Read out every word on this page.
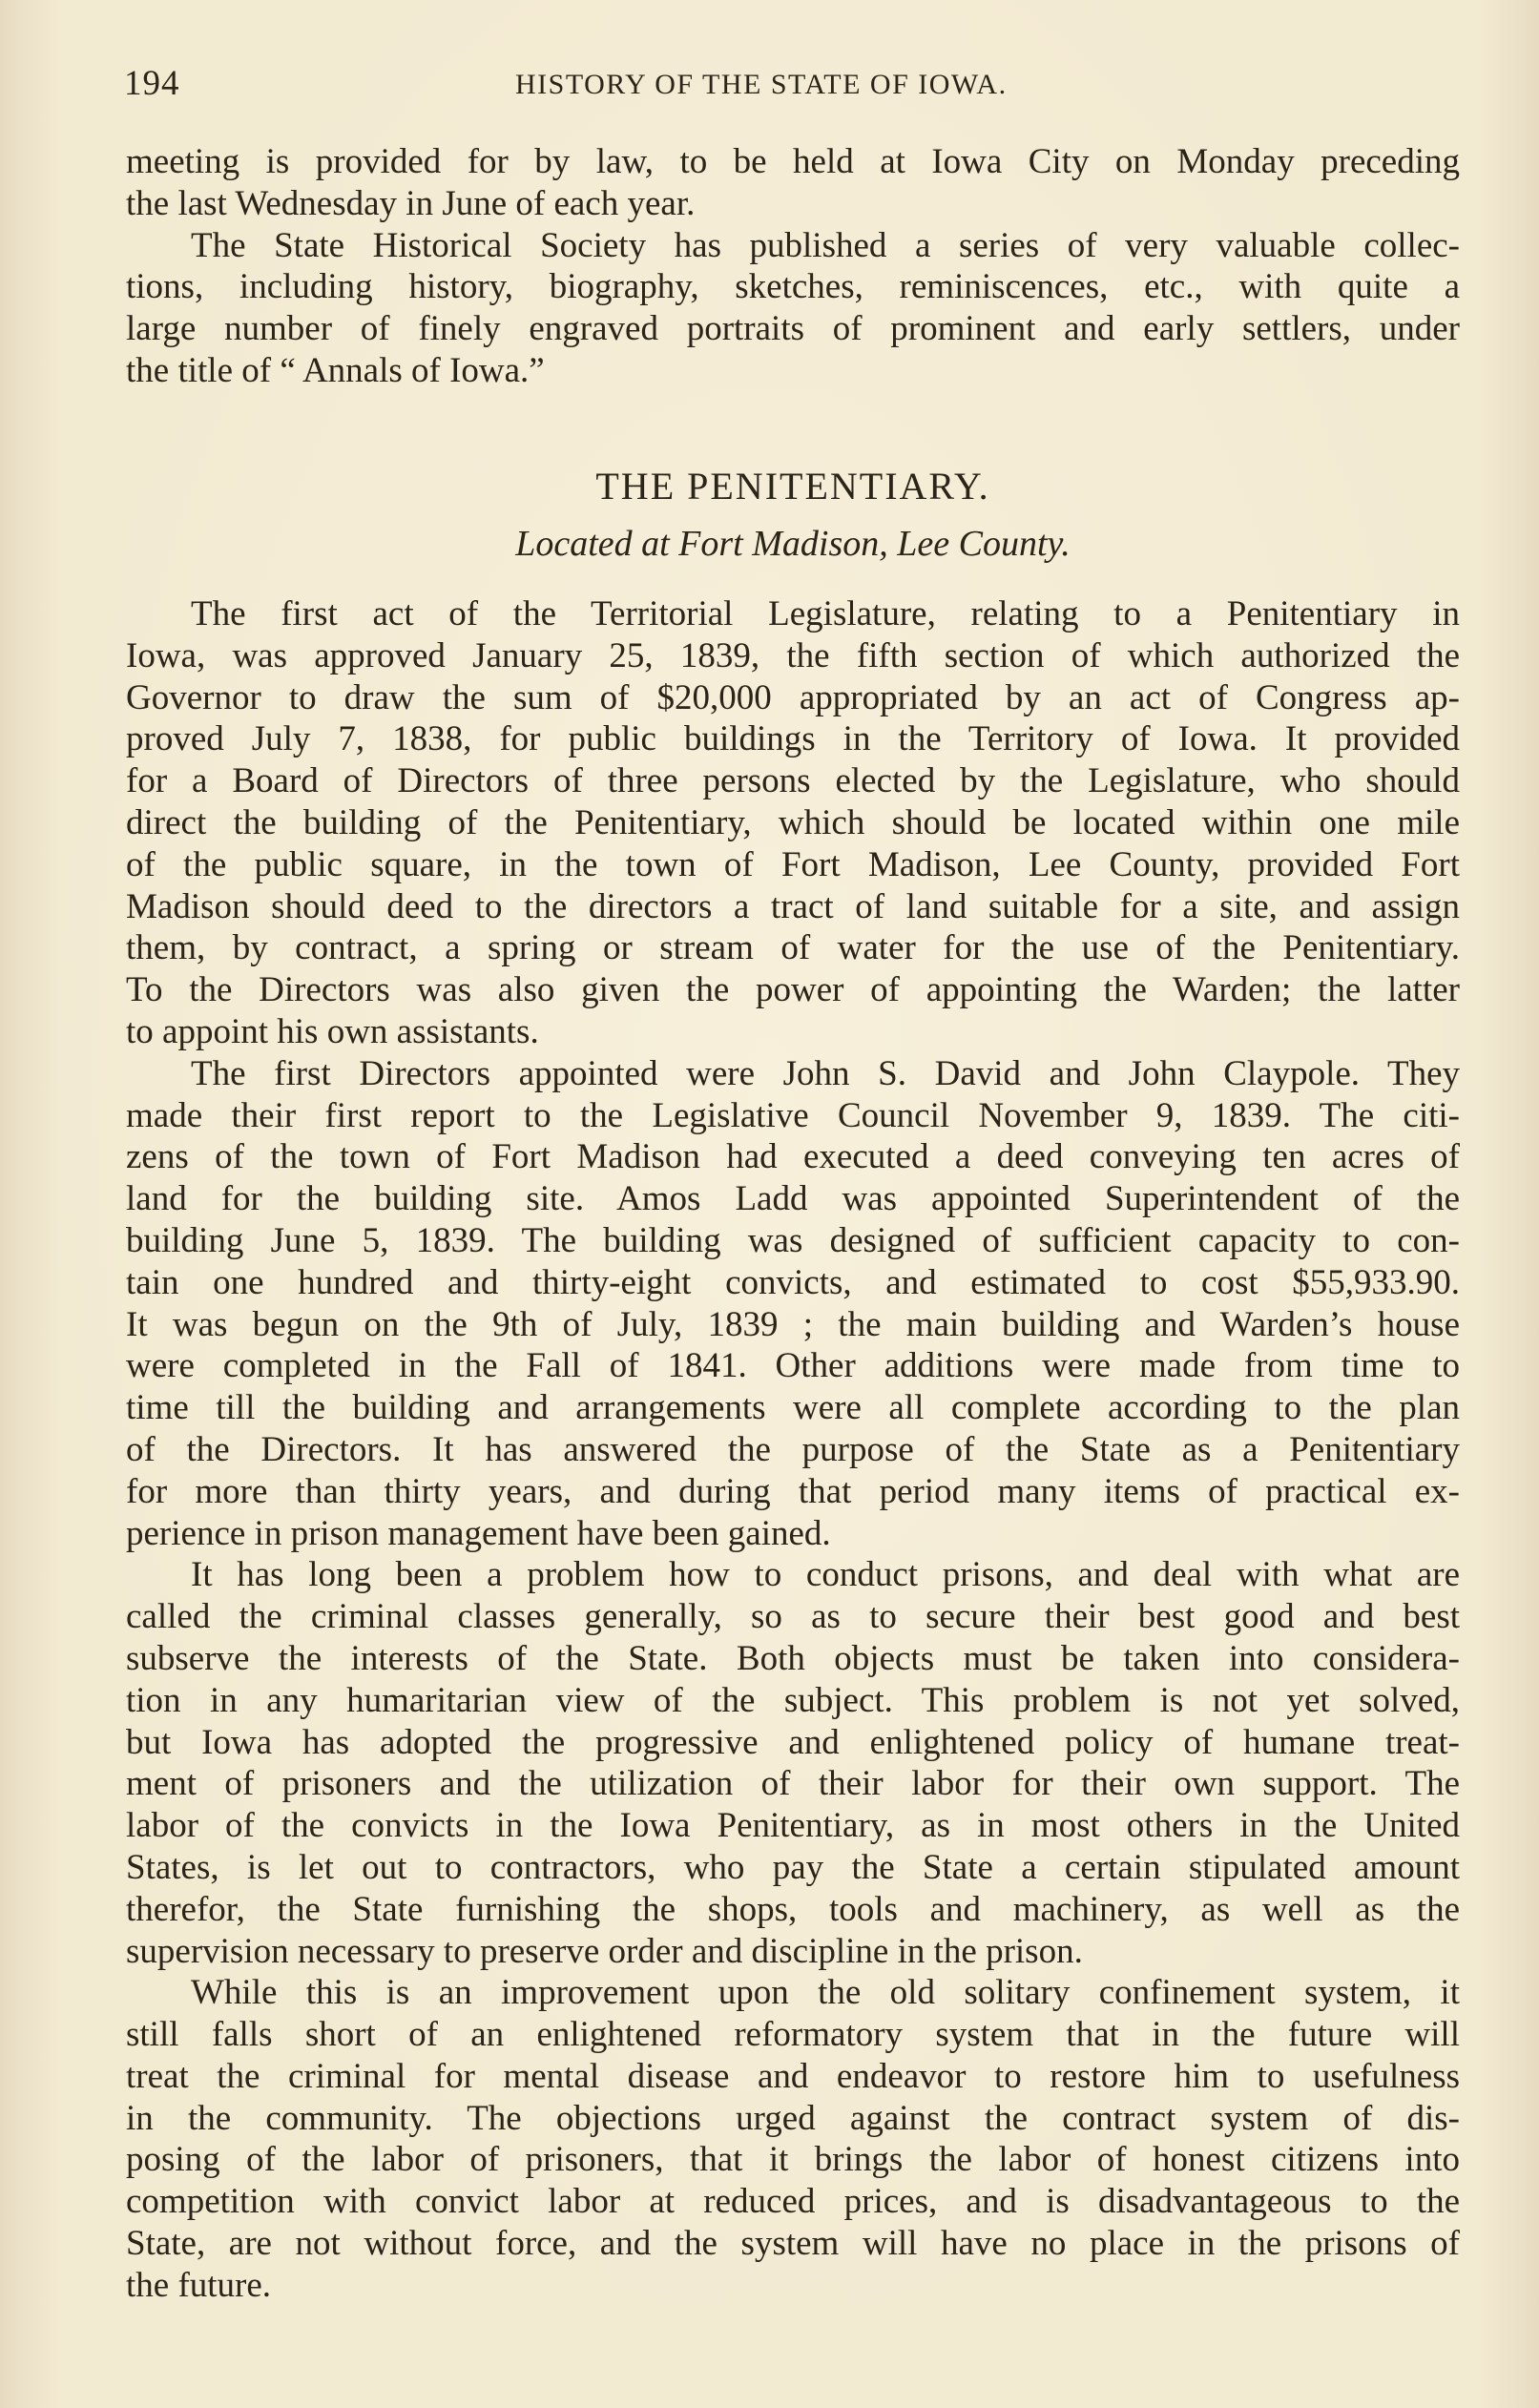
194	HISTORY OF THE STATE OF IOWA.
meeting is provided for by law, to be held at Iowa City on Monday preceding
the last Wednesday in June of each year.
The State Historical Society has published a series of very valuable collec-
tions, including history, biography, sketches, reminiscences, etc., with quite a
large number of finely engraved portraits of prominent and early settlers, under
the title of “ Annals of Iowa.”
THE PENITENTIARY.
Located at Fort Madison, Lee County.
The first act of the Territorial Legislature, relating to a Penitentiary in
Iowa, was approved January 25, 1839, the fifth section of which authorized the
Governor to draw the sum of $20,000 appropriated by an act of Congress ap-
proved July 7, 1838, for public buildings in the Territory of Iowa. It provided
for a Board of Directors of three persons elected by the Legislature, who should
direct the building of the Penitentiary, which should be located within one mile
of the public square, in the town of Fort Madison, Lee County, provided Fort
Madison should deed to the directors a tract of land suitable for a site, and assign
them, by contract, a spring or stream of water for the use of the Penitentiary.
To the Directors was also given the power of appointing the Warden; the latter
to appoint his own assistants.
The first Directors appointed were John S. David and John Claypole. They
made their first report to the Legislative Council November 9, 1839. The citi-
zens of the town of Fort Madison had executed a deed conveying ten acres of
land for the building site. Amos Ladd was appointed Superintendent of the
building June 5, 1839. The building was designed of sufficient capacity to con-
tain one hundred and thirty-eight convicts, and estimated to cost $55,933.90.
It was begun on the 9th of July, 1839 ; the main building and Warden’s house
were completed in the Fall of 1841. Other additions were made from time to
time till the building and arrangements were all complete according to the plan
of the Directors. It has answered the purpose of the State as a Penitentiary
for more than thirty years, and during that period many items of practical ex-
perience in prison management have been gained.
It has long been a problem how to conduct prisons, and deal with what are
called the criminal classes generally, so as to secure their best good and best
subserve the interests of the State. Both objects must be taken into considera-
tion in any humaritarian view of the subject. This problem is not yet solved,
but Iowa has adopted the progressive and enlightened policy of humane treat-
ment of prisoners and the utilization of their labor for their own support. The
labor of the convicts in the Iowa Penitentiary, as in most others in the United
States, is let out to contractors, who pay the State a certain stipulated amount
therefor, the State furnishing the shops, tools and machinery, as well as the
supervision necessary to preserve order and discipline in the prison.
While this is an improvement upon the old solitary confinement system, it
still falls short of an enlightened reformatory system that in the future will
treat the criminal for mental disease and endeavor to restore him to usefulness
in the community. The objections urged against the contract system of dis-
posing of the labor of prisoners, that it brings the labor of honest citizens into
competition with convict labor at reduced prices, and is disadvantageous to the
State, are not without force, and the system will have no place in the prisons of
the future.
